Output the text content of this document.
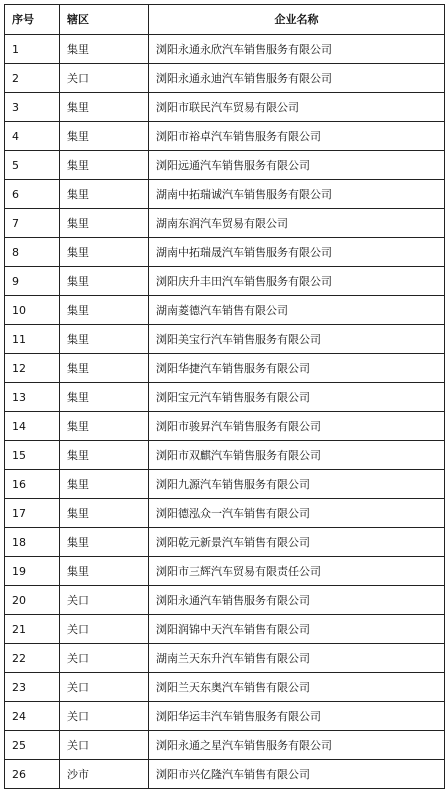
序号	辖区	企业名称
1	集里	浏阳永通永欣汽车销售服务有限公司
2	关口	浏阳永通永迪汽车销售服务有限公司
3	集里	浏阳市联民汽车贸易有限公司
4	集里	浏阳市裕卓汽车销售服务有限公司
5	集里	浏阳远通汽车销售服务有限公司
6	集里	湖南中拓瑞诚汽车销售服务有限公司
7	集里	湖南东润汽车贸易有限公司
8	集里	湖南中拓瑞晟汽车销售服务有限公司
9	集里	浏阳庆升丰田汽车销售服务有限公司
10	集里	湖南菱德汽车销售有限公司
11	集里	浏阳美宝行汽车销售服务有限公司
12	集里	浏阳华捷汽车销售服务有限公司
13	集里	浏阳宝元汽车销售服务有限公司
14	集里	浏阳市骏昇汽车销售服务有限公司
15	集里	浏阳市双麒汽车销售服务有限公司
16	集里	浏阳九源汽车销售服务有限公司
17	集里	浏阳德泓众一汽车销售有限公司
18	集里	浏阳乾元新景汽车销售有限公司
19	集里	浏阳市三辉汽车贸易有限责任公司
20	关口	浏阳永通汽车销售服务有限公司
21	关口	浏阳润锦中天汽车销售有限公司
22	关口	湖南兰天东升汽车销售有限公司
23	关口	浏阳兰天东奥汽车销售有限公司
24	关口	浏阳华运丰汽车销售服务有限公司
25	关口	浏阳永通之星汽车销售服务有限公司
26	沙市	浏阳市兴亿隆汽车销售有限公司
